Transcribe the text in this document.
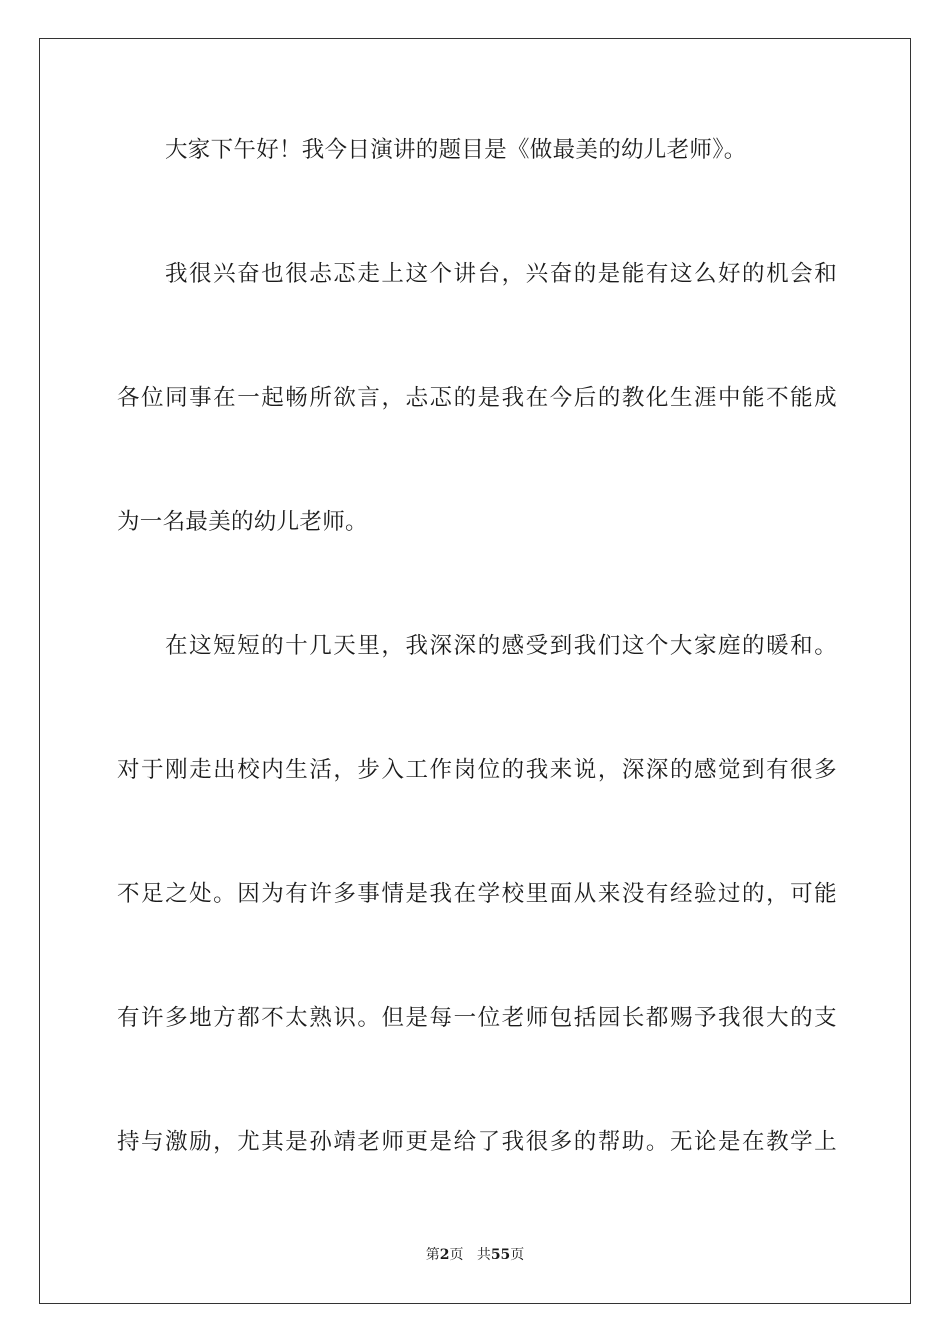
大家下午好！我今日演讲的题目是《做最美的幼儿老师》。
我很兴奋也很忐忑走上这个讲台，兴奋的是能有这么好的机会和
各位同事在一起畅所欲言，忐忑的是我在今后的教化生涯中能不能成
为一名最美的幼儿老师。
在这短短的十几天里，我深深的感受到我们这个大家庭的暖和。
对于刚走出校内生活，步入工作岗位的我来说，深深的感觉到有很多
不足之处。因为有许多事情是我在学校里面从来没有经验过的，可能
有许多地方都不太熟识。但是每一位老师包括园长都赐予我很大的支
持与激励，尤其是孙靖老师更是给了我很多的帮助。无论是在教学上
第2页 共55页
